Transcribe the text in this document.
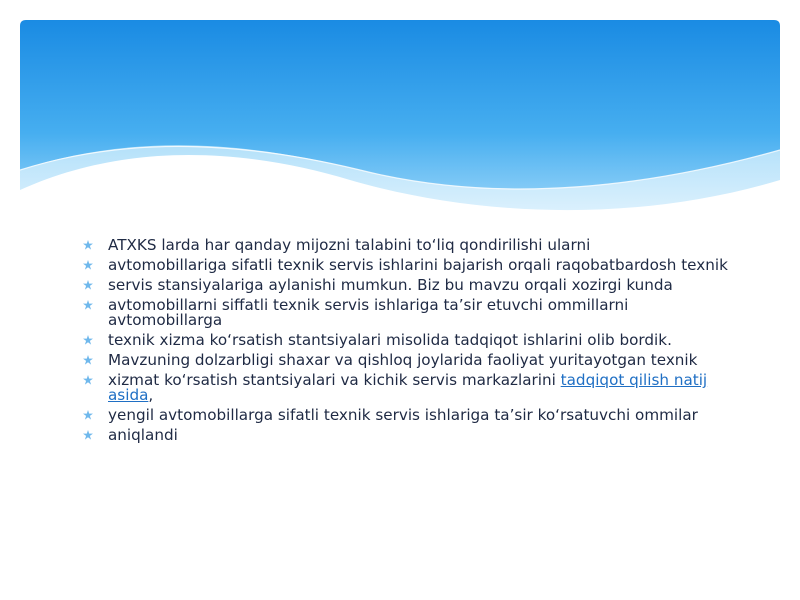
ATXKS larda har qanday mijozni talabini to‘liq qondirilishi ularni
avtomobillariga sifatli texnik servis ishlarini bajarish orqali raqobatbardosh texnik
servis stansiyalariga aylanishi mumkun. Biz bu mavzu orqali xozirgi kunda
avtomobillarni siffatli texnik servis ishlariga ta’sir etuvchi ommillarni avtomobillarga
texnik xizma ko‘rsatish stantsiyalari misolida tadqiqot ishlarini olib bordik.
Mavzuning dolzarbligi shaxar va qishloq joylarida faoliyat yuritayotgan texnik
xizmat ko‘rsatish stantsiyalari va kichik servis markazlarini tadqiqot qilish natij asida,
yengil avtomobillarga sifatli texnik servis ishlariga ta’sir ko‘rsatuvchi ommilar
aniqlandi
